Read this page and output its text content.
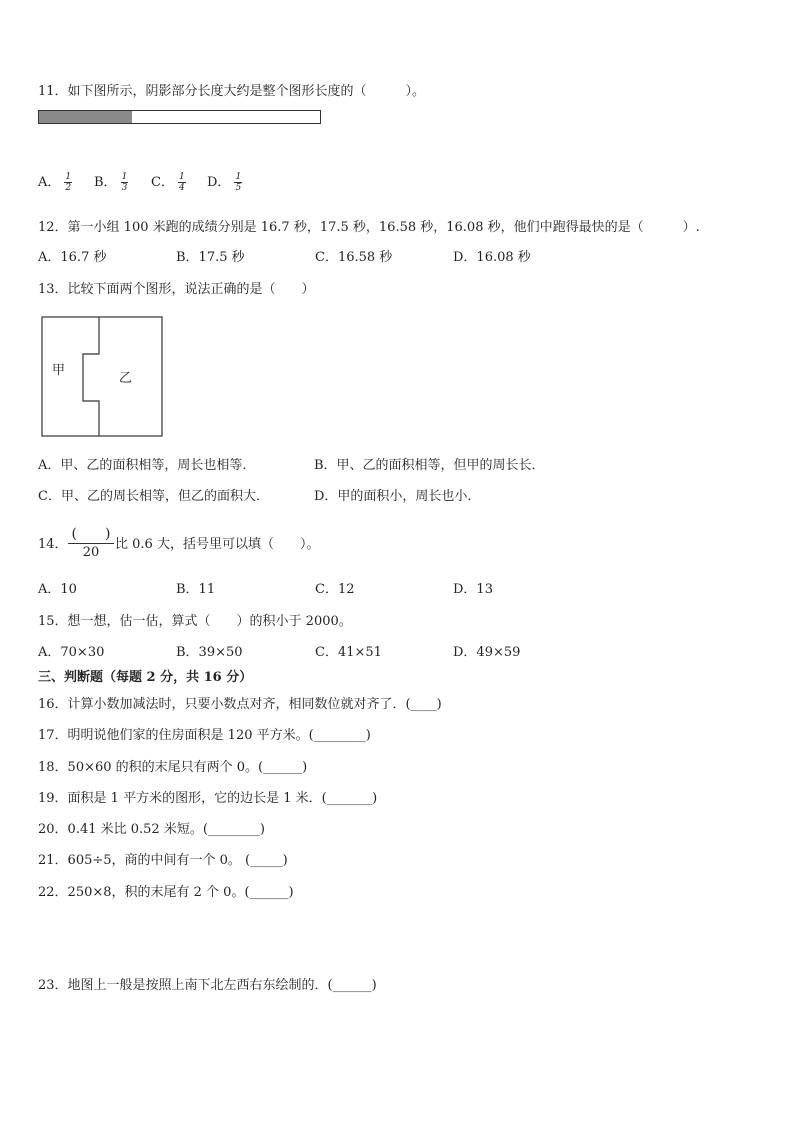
11．如下图所示，阴影部分长度大约是整个图形长度的（　　　）。
A． $\frac{1}{2}$ B． $\frac{1}{3}$ C． $\frac{1}{4}$ D． $\frac{1}{5}$
12．第一小组 100 米跑的成绩分别是 16.7 秒，17.5 秒，16.58 秒，16.08 秒，他们中跑得最快的是（　　　）.
A．16.7 秒	B．17.5 秒	C．16.58 秒	D．16.08 秒
13．比较下面两个图形，说法正确的是（　　）
甲
乙
A．甲、乙的面积相等，周长也相等．	B．甲、乙的面积相等，但甲的周长长．
C．甲、乙的周长相等，但乙的面积大．	D．甲的面积小，周长也小．
14．
(　　)
20
比 0.6 大，括号里可以填（　　）。
A．10	B．11	C．12	D．13
15．想一想，估一估，算式（　　）的积小于 2000。
A．70×30	B．39×50	C．41×51	D．49×59
三、判断题（每题 2 分，共 16 分）
16．计算小数加减法时，只要小数点对齐，相同数位就对齐了．(____)
17．明明说他们家的住房面积是 120 平方米。(________)
18．50×60 的积的末尾只有两个 0。(______)
19．面积是 1 平方米的图形，它的边长是 1 米．(_______)
20．0.41 米比 0.52 米短。(________)
21．605÷5，商的中间有一个 0。 (_____)
22．250×8，积的末尾有 2 个 0。(______)
23．地图上一般是按照上南下北左西右东绘制的．(______)
